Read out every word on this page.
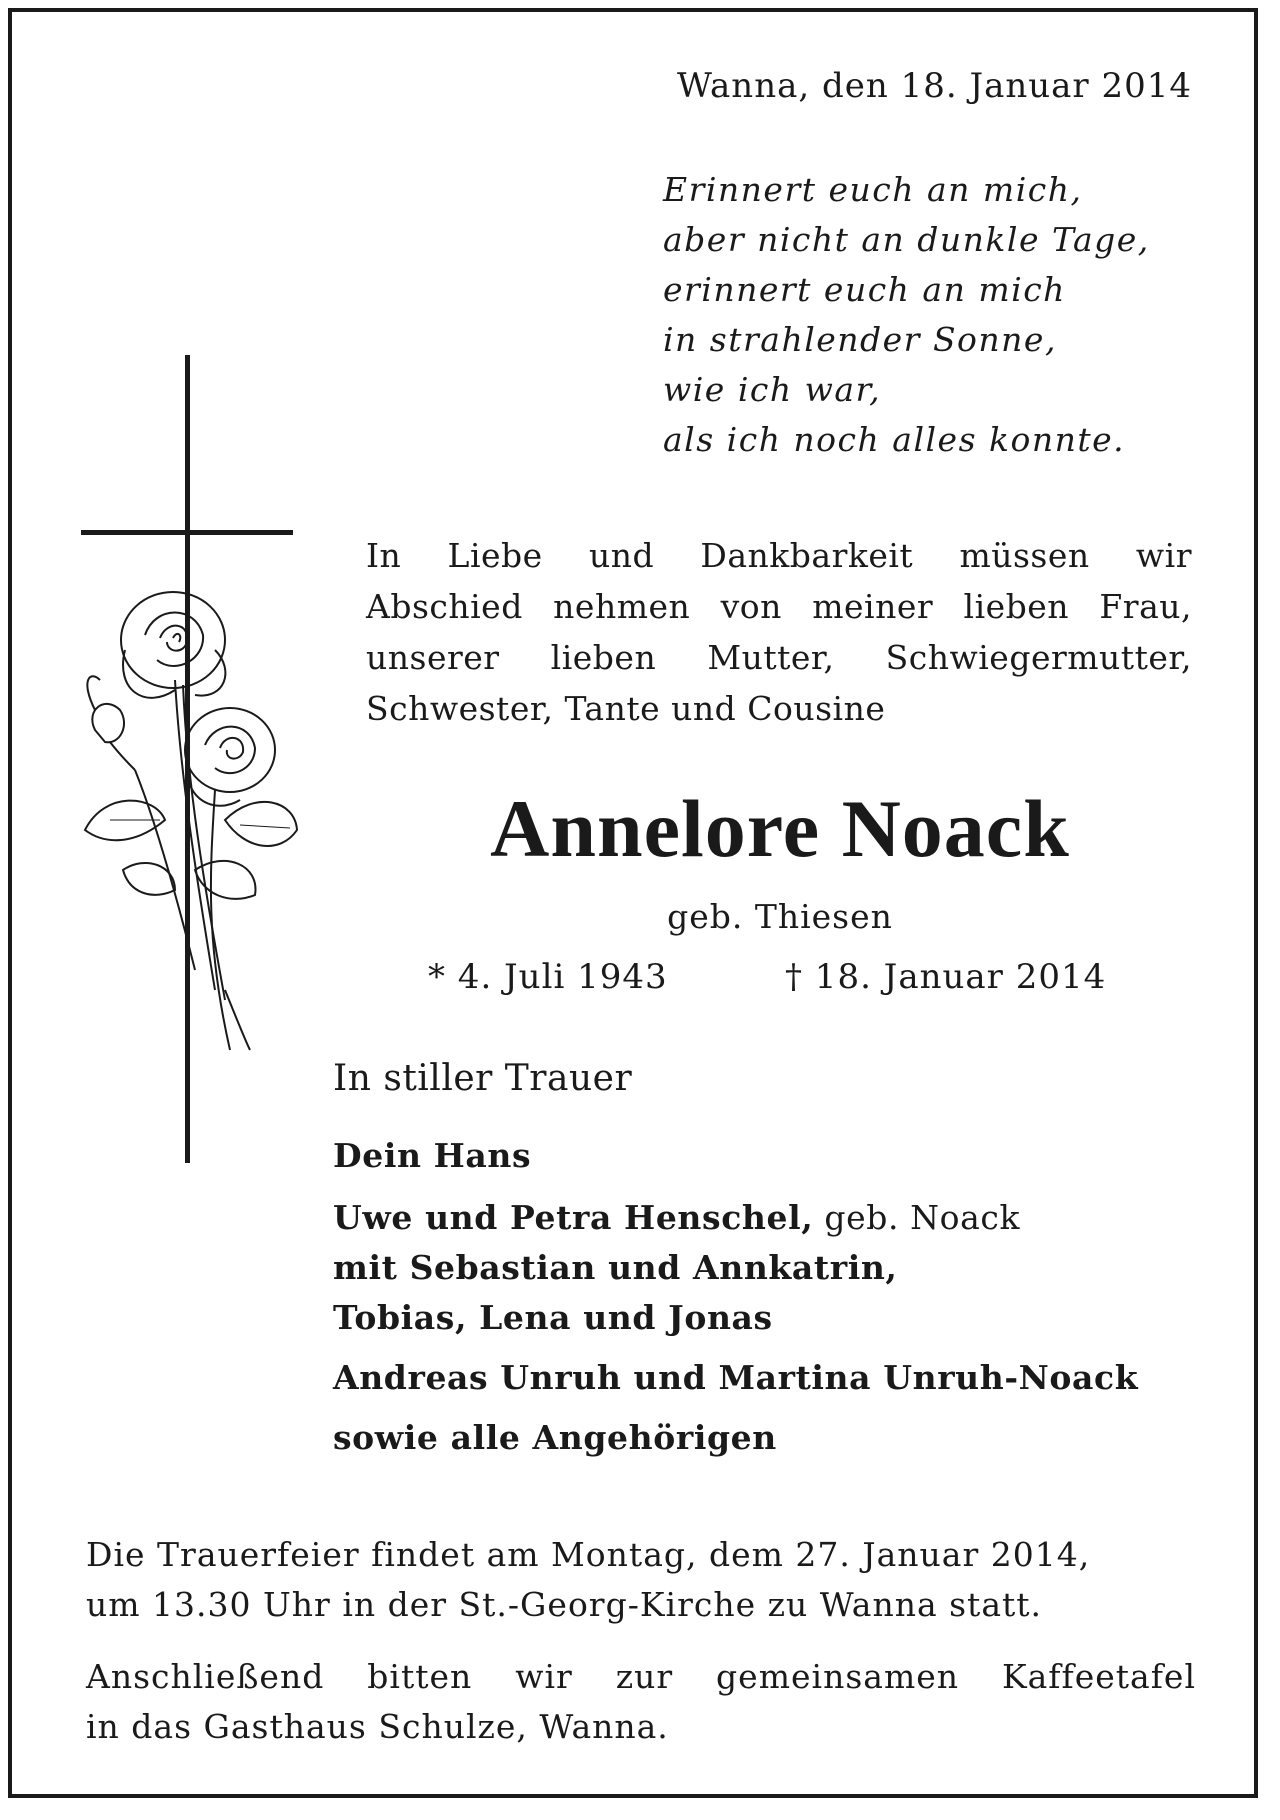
Wanna, den 18. Januar 2014
Erinnert euch an mich,
aber nicht an dunkle Tage,
erinnert euch an mich
in strahlender Sonne,
wie ich war,
als ich noch alles konnte.
In Liebe und Dankbarkeit müssen wir
Abschied nehmen von meiner lieben Frau,
unserer lieben Mutter, Schwiegermutter,
Schwester, Tante und Cousine
Annelore Noack
geb. Thiesen
* 4. Juli 1943	† 18. Januar 2014
In stiller Trauer
Dein Hans
Uwe und Petra Henschel, geb. Noack
mit Sebastian und Annkatrin,
Tobias, Lena und Jonas
Andreas Unruh und Martina Unruh-Noack
sowie alle Angehörigen
Die Trauerfeier findet am Montag, dem 27. Januar 2014,
um 13.30 Uhr in der St.-Georg-Kirche zu Wanna statt.
Anschließend bitten wir zur gemeinsamen Kaffeetafel
in das Gasthaus Schulze, Wanna.
